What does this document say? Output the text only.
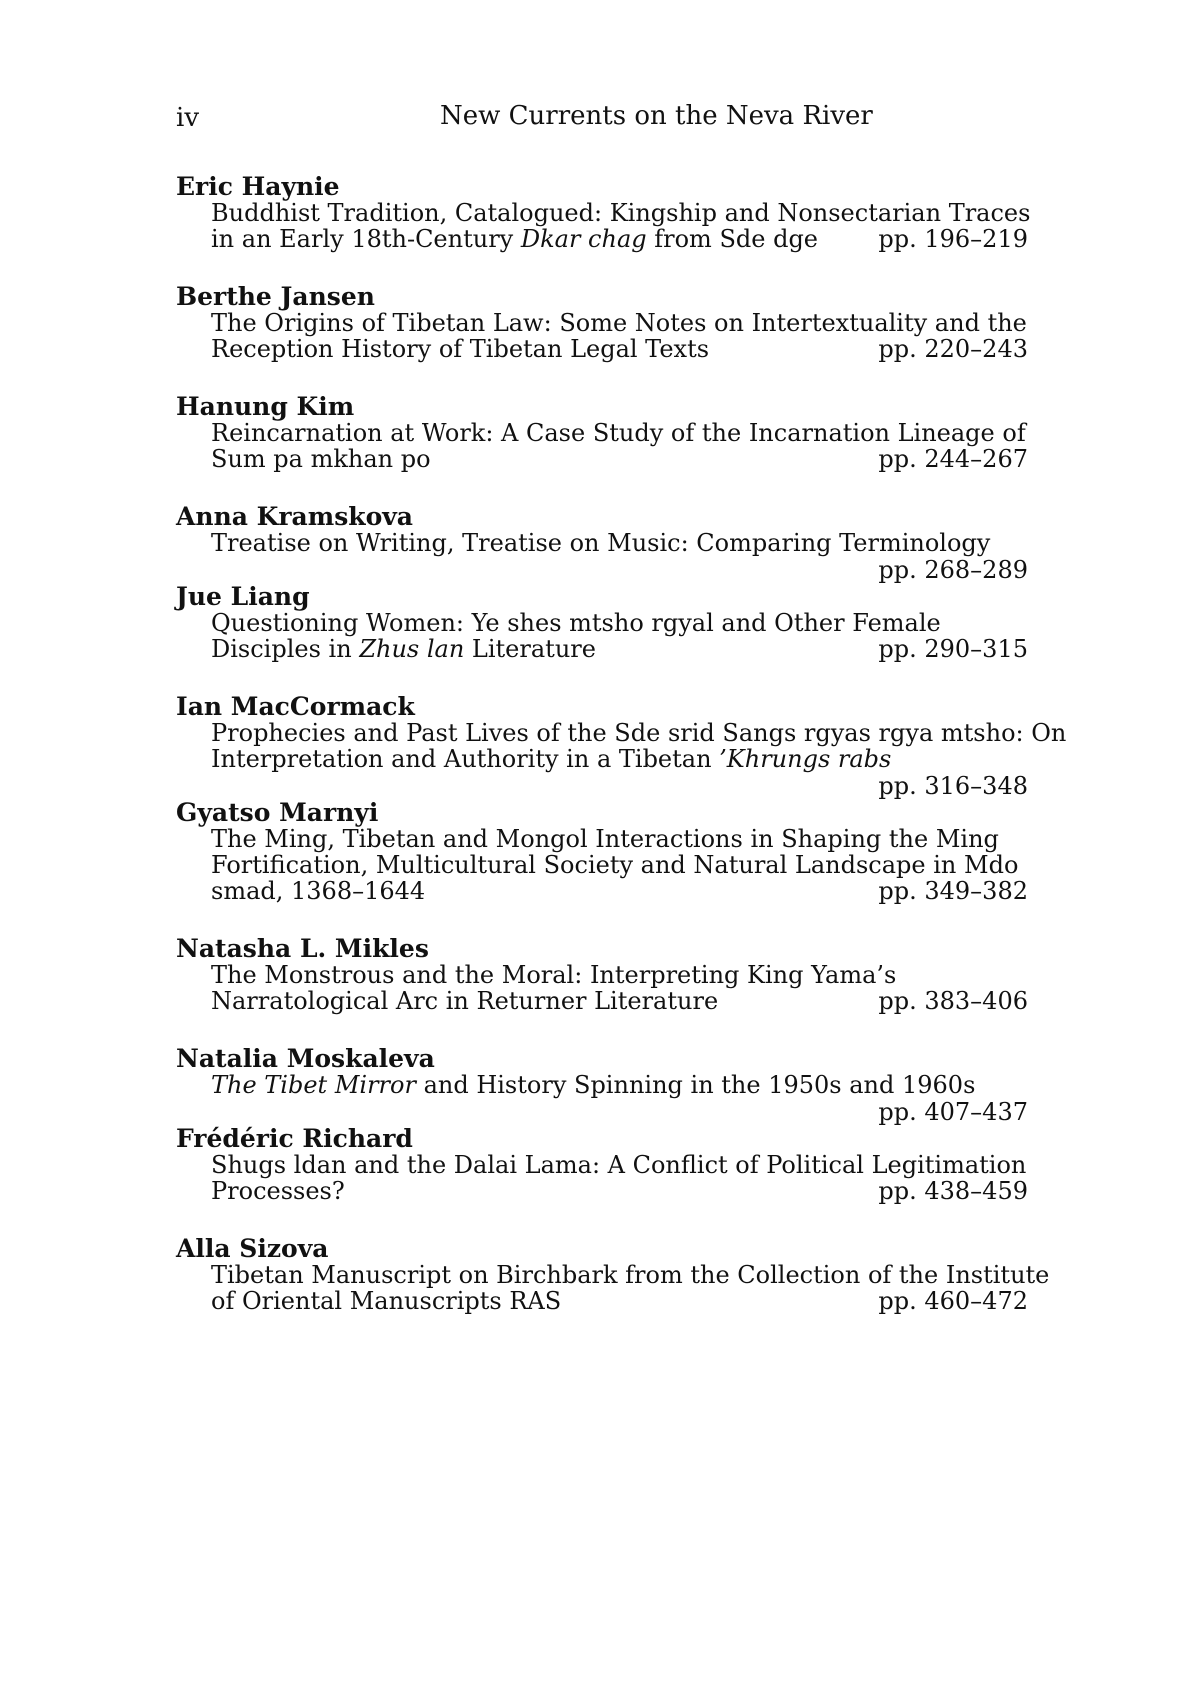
iv	New Currents on the Neva River
Eric Haynie
Buddhist Tradition, Catalogued: Kingship and Nonsectarian Traces
in an Early 18th-Century Dkar chag from Sde dge	pp. 196–219
Berthe Jansen
The Origins of Tibetan Law: Some Notes on Intertextuality and the
Reception History of Tibetan Legal Texts	pp. 220–243
Hanung Kim
Reincarnation at Work: A Case Study of the Incarnation Lineage of
Sum pa mkhan po	pp. 244–267
Anna Kramskova
Treatise on Writing, Treatise on Music: Comparing Terminology
pp. 268–289
Jue Liang
Questioning Women: Ye shes mtsho rgyal and Other Female
Disciples in Zhus lan Literature	pp. 290–315
Ian MacCormack
Prophecies and Past Lives of the Sde srid Sangs rgyas rgya mtsho: On
Interpretation and Authority in a Tibetan ’Khrungs rabs
pp. 316–348
Gyatso Marnyi
The Ming, Tibetan and Mongol Interactions in Shaping the Ming
Fortification, Multicultural Society and Natural Landscape in Mdo
smad, 1368–1644	pp. 349–382
Natasha L. Mikles
The Monstrous and the Moral: Interpreting King Yama’s
Narratological Arc in Returner Literature	pp. 383–406
Natalia Moskaleva
The Tibet Mirror and History Spinning in the 1950s and 1960s
pp. 407–437
Frédéric Richard
Shugs ldan and the Dalai Lama: A Conflict of Political Legitimation
Processes?	pp. 438–459
Alla Sizova
Tibetan Manuscript on Birchbark from the Collection of the Institute
of Oriental Manuscripts RAS	pp. 460–472
